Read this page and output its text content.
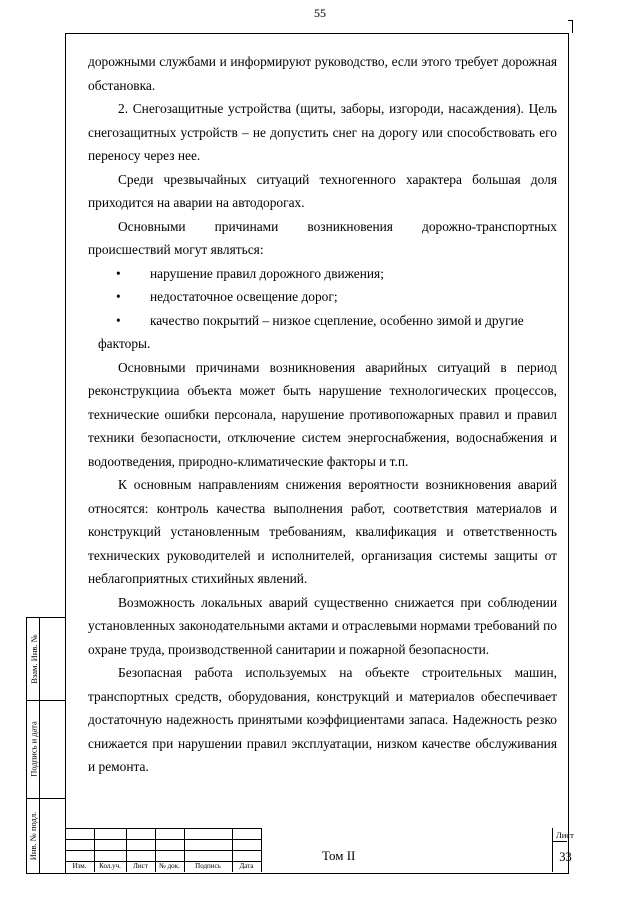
55

дорожными службами и информируют руководство, если этого требует дорожная обстановка.

2. Снегозащитные устройства (щиты, заборы, изгороди, насаждения). Цель снегозащитных устройств – не допустить снег на дорогу или способствовать его переносу через нее.

Среди чрезвычайных ситуаций техногенного характера большая доля приходится на аварии на автодорогах.

Основными причинами возникновения дорожно-транспортных происшествий могут являться:

• нарушение правил дорожного движения;
• недостаточное освещение дорог;
• качество покрытий – низкое сцепление, особенно зимой и другие
факторы.

Основными причинами возникновения аварийных ситуаций в период реконструкцииа объекта может быть нарушение технологических процессов, технические ошибки персонала, нарушение противопожарных правил и правил техники безопасности, отключение систем энергоснабжения, водоснабжения и водоотведения, природно-климатические факторы и т.п.

К основным направлениям снижения вероятности возникновения аварий относятся: контроль качества выполнения работ, соответствия материалов и конструкций установленным требованиям, квалификация и ответственность технических руководителей и исполнителей, организация системы защиты от неблагоприятных стихийных явлений.

Возможность локальных аварий существенно снижается при соблюдении установленных законодательными актами и отраслевыми нормами требований по охране труда, производственной санитарии и пожарной безопасности.

Безопасная работа используемых на объекте строительных машин, транспортных средств, оборудования, конструкций и материалов обеспечивает достаточную надежность принятыми коэффициентами запаса. Надежность резко снижается при нарушении правил эксплуатации, низком качестве обслуживания и ремонта.

Взам. Инв. №
Подпись и дата
Инв. № подл.
Изм.	Кол.уч.	Лист	№ док.	Подпись	Дата
Том II
Лист
33
